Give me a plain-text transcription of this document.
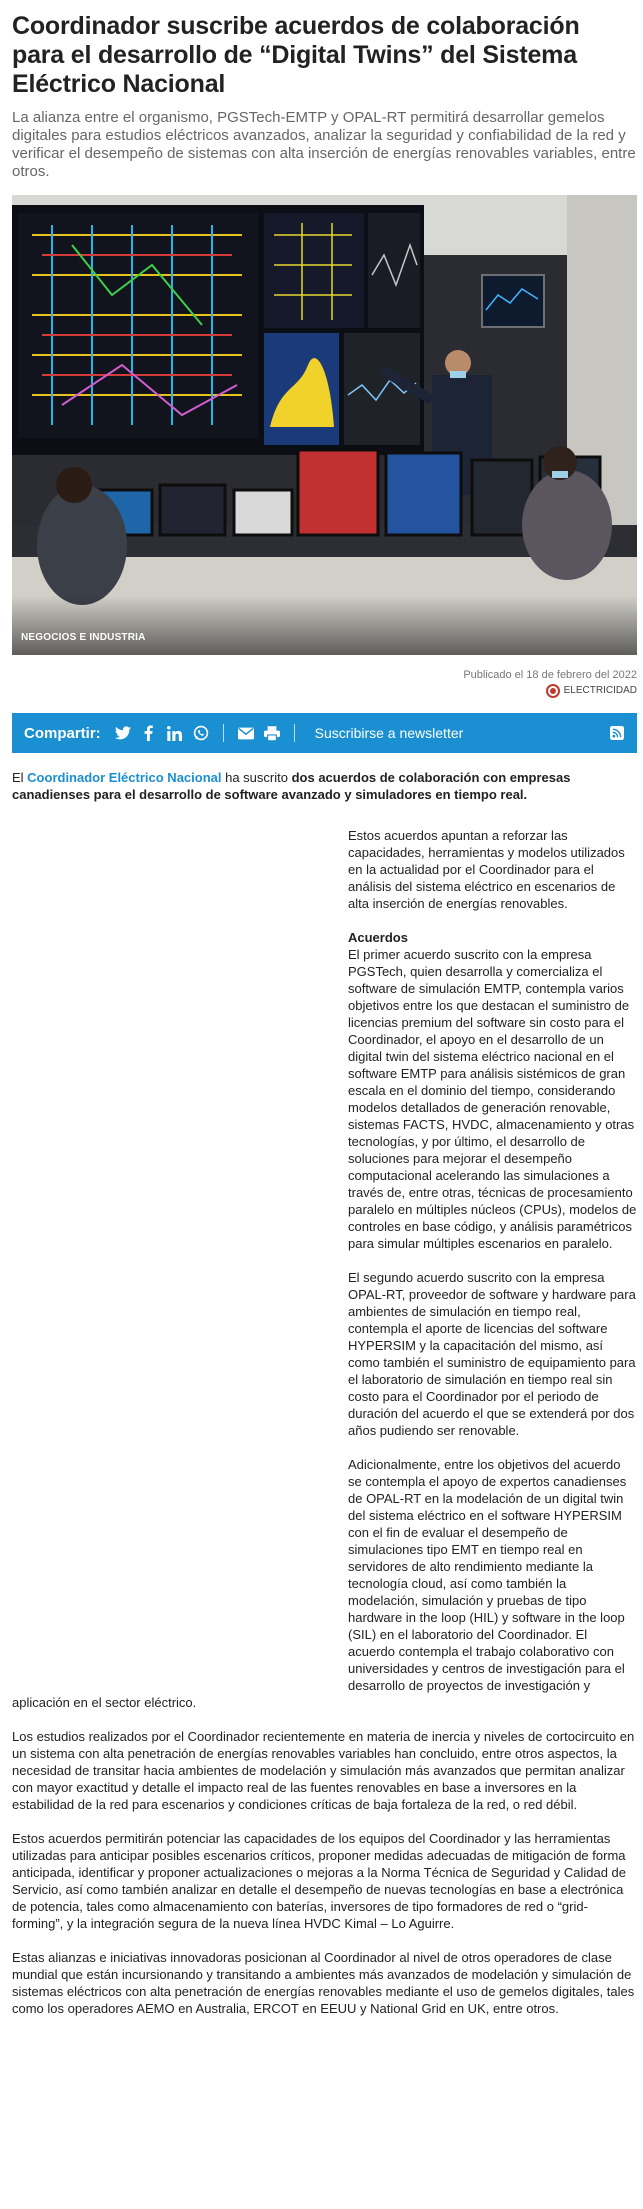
Coordinador suscribe acuerdos de colaboración para el desarrollo de “Digital Twins” del Sistema Eléctrico Nacional

La alianza entre el organismo, PGSTech-EMTP y OPAL-RT permitirá desarrollar gemelos digitales para estudios eléctricos avanzados, analizar la seguridad y confiabilidad de la red y verificar el desempeño de sistemas con alta inserción de energías renovables variables, entre otros.

NEGOCIOS E INDUSTRIA
Publicado el 18 de febrero del 2022
ELECTRICIDAD
Compartir:	Suscribirse a newsletter

El Coordinador Eléctrico Nacional ha suscrito dos acuerdos de colaboración con empresas canadienses para el desarrollo de software avanzado y simuladores en tiempo real.

Estos acuerdos apuntan a reforzar las capacidades, herramientas y modelos utilizados en la actualidad por el Coordinador para el análisis del sistema eléctrico en escenarios de alta inserción de energías renovables.

Acuerdos
El primer acuerdo suscrito con la empresa PGSTech, quien desarrolla y comercializa el software de simulación EMTP, contempla varios objetivos entre los que destacan el suministro de licencias premium del software sin costo para el Coordinador, el apoyo en el desarrollo de un digital twin del sistema eléctrico nacional en el software EMTP para análisis sistémicos de gran escala en el dominio del tiempo, considerando modelos detallados de generación renovable, sistemas FACTS, HVDC, almacenamiento y otras tecnologías, y por último, el desarrollo de soluciones para mejorar el desempeño computacional acelerando las simulaciones a través de, entre otras, técnicas de procesamiento paralelo en múltiples núcleos (CPUs), modelos de controles en base código, y análisis paramétricos para simular múltiples escenarios en paralelo.

El segundo acuerdo suscrito con la empresa OPAL-RT, proveedor de software y hardware para ambientes de simulación en tiempo real, contempla el aporte de licencias del software HYPERSIM y la capacitación del mismo, así como también el suministro de equipamiento para el laboratorio de simulación en tiempo real sin costo para el Coordinador por el periodo de duración del acuerdo el que se extenderá por dos años pudiendo ser renovable.

Adicionalmente, entre los objetivos del acuerdo se contempla el apoyo de expertos canadienses de OPAL-RT en la modelación de un digital twin del sistema eléctrico en el software HYPERSIM con el fin de evaluar el desempeño de simulaciones tipo EMT en tiempo real en servidores de alto rendimiento mediante la tecnología cloud, así como también la modelación, simulación y pruebas de tipo hardware in the loop (HIL) y software in the loop (SIL) en el laboratorio del Coordinador. El acuerdo contempla el trabajo colaborativo con universidades y centros de investigación para el desarrollo de proyectos de investigación y aplicación en el sector eléctrico.

Los estudios realizados por el Coordinador recientemente en materia de inercia y niveles de cortocircuito en un sistema con alta penetración de energías renovables variables han concluido, entre otros aspectos, la necesidad de transitar hacia ambientes de modelación y simulación más avanzados que permitan analizar con mayor exactitud y detalle el impacto real de las fuentes renovables en base a inversores en la estabilidad de la red para escenarios y condiciones críticas de baja fortaleza de la red, o red débil.

Estos acuerdos permitirán potenciar las capacidades de los equipos del Coordinador y las herramientas utilizadas para anticipar posibles escenarios críticos, proponer medidas adecuadas de mitigación de forma anticipada, identificar y proponer actualizaciones o mejoras a la Norma Técnica de Seguridad y Calidad de Servicio, así como también analizar en detalle el desempeño de nuevas tecnologías en base a electrónica de potencia, tales como almacenamiento con baterías, inversores de tipo formadores de red o “grid-forming”, y la integración segura de la nueva línea HVDC Kimal – Lo Aguirre.

Estas alianzas e iniciativas innovadoras posicionan al Coordinador al nivel de otros operadores de clase mundial que están incursionando y transitando a ambientes más avanzados de modelación y simulación de sistemas eléctricos con alta penetración de energías renovables mediante el uso de gemelos digitales, tales como los operadores AEMO en Australia, ERCOT en EEUU y National Grid en UK, entre otros.
